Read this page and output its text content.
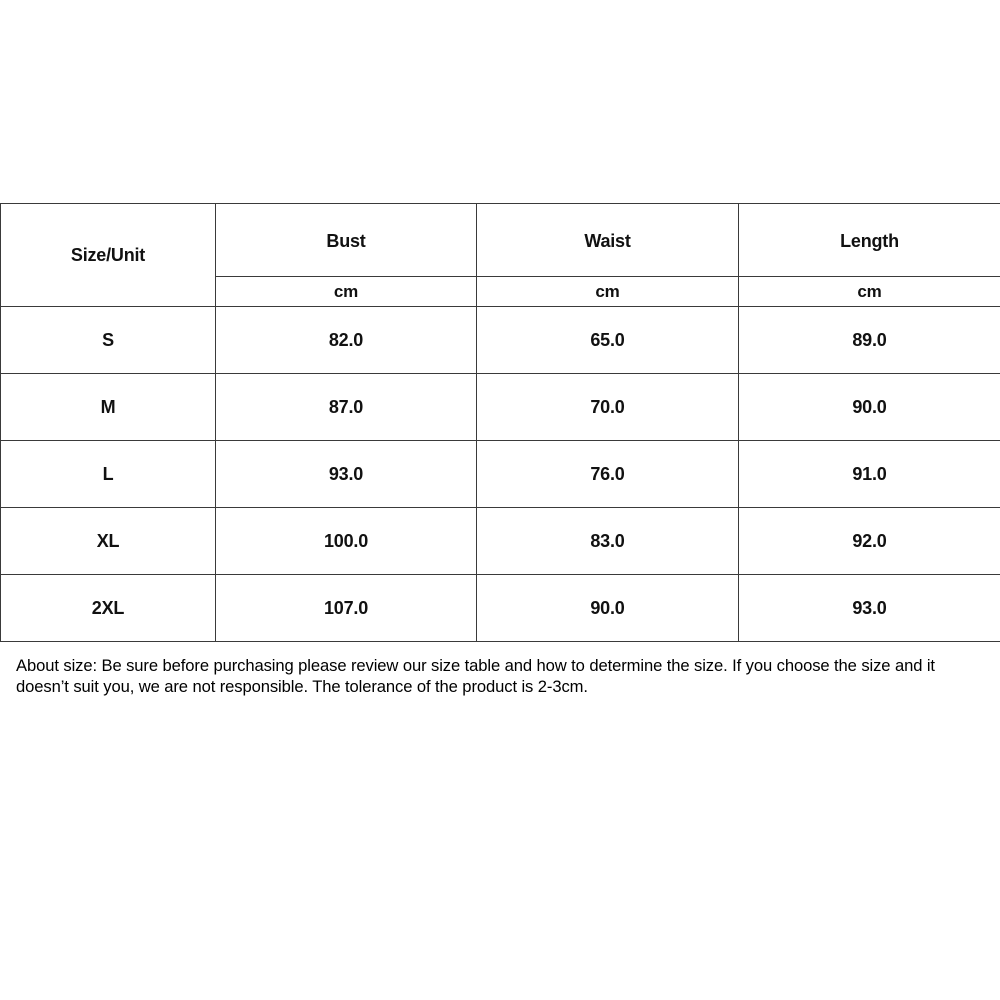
Size/Unit	Bust	Waist	Length
	cm	cm	cm
S	82.0	65.0	89.0
M	87.0	70.0	90.0
L	93.0	76.0	91.0
XL	100.0	83.0	92.0
2XL	107.0	90.0	93.0
About size: Be sure before purchasing please review our size table and how to determine the size. If you choose the size and it doesn’t suit you, we are not responsible. The tolerance of the product is 2-3cm.
